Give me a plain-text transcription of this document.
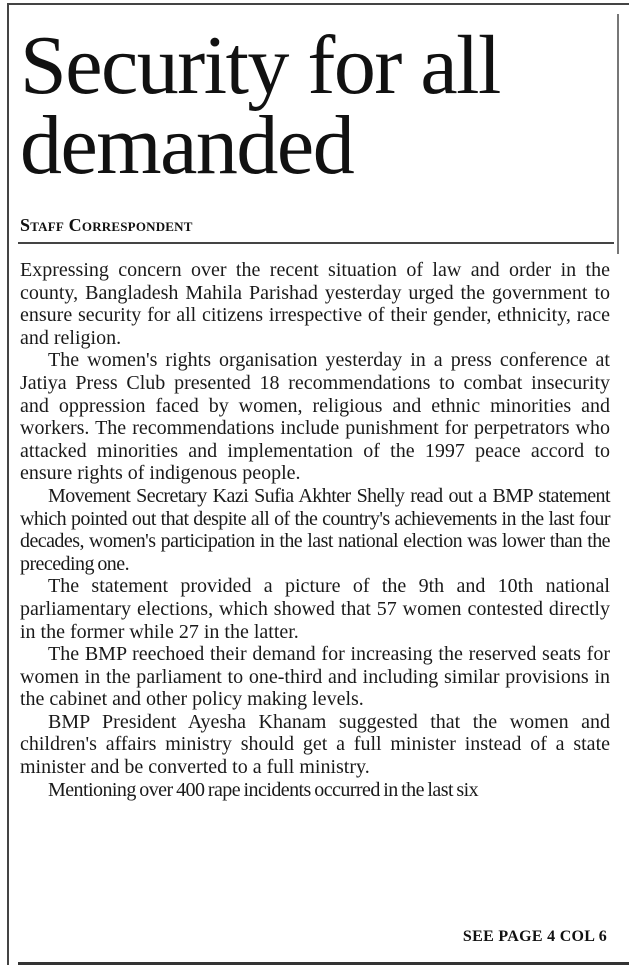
Security for all demanded
Staff Correspondent

Expressing concern over the recent situation of law and order in the county, Bangladesh Mahila Parishad yesterday urged the government to ensure security for all citizens irrespective of their gender, ethnicity, race and religion.

The women's rights organisation yesterday in a press conference at Jatiya Press Club presented 18 recommendations to combat insecurity and oppression faced by women, religious and ethnic minorities and workers. The recommendations include punishment for perpetrators who attacked minorities and implementation of the 1997 peace accord to ensure rights of indigenous people.

Movement Secretary Kazi Sufia Akhter Shelly read out a BMP statement which pointed out that despite all of the country's achievements in the last four decades, women's participation in the last national election was lower than the preceding one.

The statement provided a picture of the 9th and 10th national parliamentary elections, which showed that 57 women contested directly in the former while 27 in the latter.

The BMP reechoed their demand for increasing the reserved seats for women in the parliament to one-third and including similar provisions in the cabinet and other policy making levels.

BMP President Ayesha Khanam suggested that the women and children's affairs ministry should get a full minister instead of a state minister and be converted to a full ministry.

Mentioning over 400 rape incidents occurred in the last six

SEE PAGE 4 COL 6
